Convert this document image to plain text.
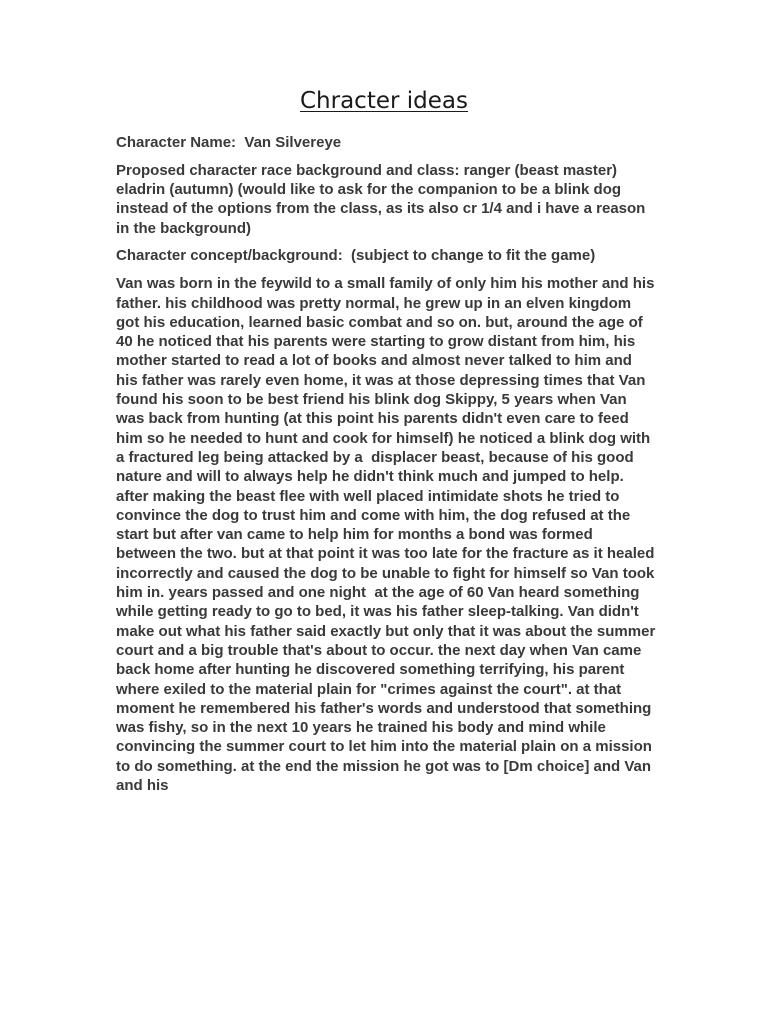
Chracter ideas

Character Name:  Van Silvereye

Proposed character race background and class: ranger (beast master) eladrin (autumn) (would like to ask for the companion to be a blink dog instead of the options from the class, as its also cr 1/4 and i have a reason in the background)

Character concept/background:  (subject to change to fit the game)

Van was born in the feywild to a small family of only him his mother and his father. his childhood was pretty normal, he grew up in an elven kingdom got his education, learned basic combat and so on. but, around the age of 40 he noticed that his parents were starting to grow distant from him, his mother started to read a lot of books and almost never talked to him and his father was rarely even home, it was at those depressing times that Van found his soon to be best friend his blink dog Skippy, 5 years when Van was back from hunting (at this point his parents didn't even care to feed him so he needed to hunt and cook for himself) he noticed a blink dog with a fractured leg being attacked by a  displacer beast, because of his good nature and will to always help he didn't think much and jumped to help. after making the beast flee with well placed intimidate shots he tried to convince the dog to trust him and come with him, the dog refused at the start but after van came to help him for months a bond was formed between the two. but at that point it was too late for the fracture as it healed incorrectly and caused the dog to be unable to fight for himself so Van took him in. years passed and one night  at the age of 60 Van heard something while getting ready to go to bed, it was his father sleep-talking. Van didn't make out what his father said exactly but only that it was about the summer court and a big trouble that's about to occur. the next day when Van came back home after hunting he discovered something terrifying, his parent where exiled to the material plain for "crimes against the court". at that moment he remembered his father's words and understood that something was fishy, so in the next 10 years he trained his body and mind while convincing the summer court to let him into the material plain on a mission to do something. at the end the mission he got was to [Dm choice] and Van and his
